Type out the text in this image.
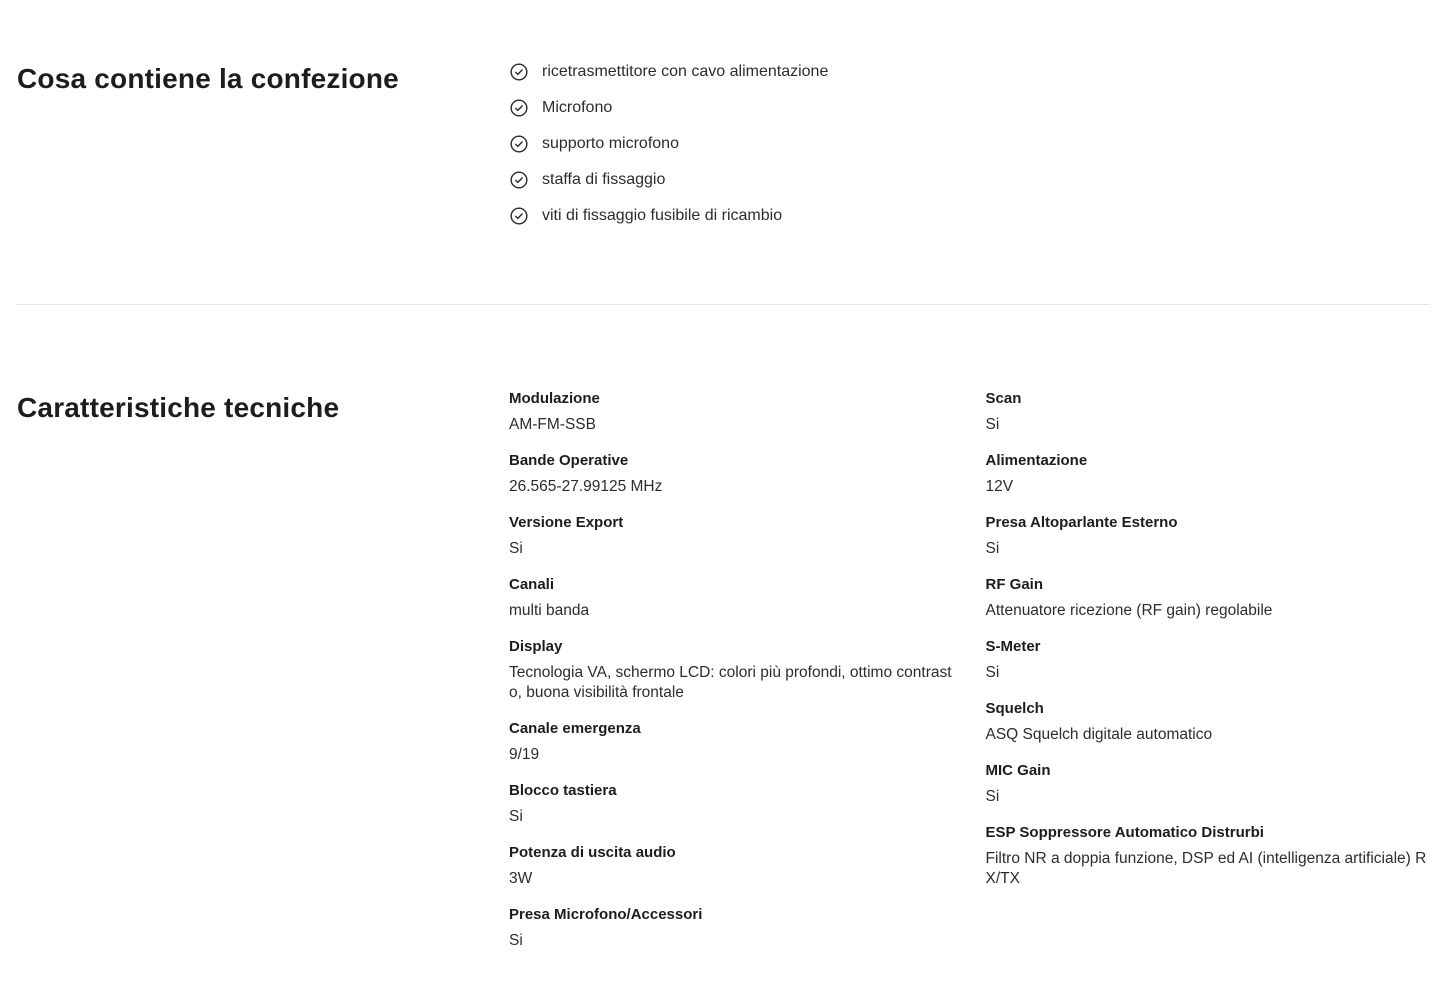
Cosa contiene la confezione	ricetrasmettitore con cavo alimentazione
Microfono
supporto microfono
staffa di fissaggio
viti di fissaggio fusibile di ricambio
Caratteristiche tecniche	Modulazione
AM-FM-SSB
Bande Operative
26.565-27.99125 MHz
Versione Export
Si
Canali
multi banda
Display
Tecnologia VA, schermo LCD: colori più profondi, ottimo contrasto, buona visibilità frontale
Canale emergenza
9/19
Blocco tastiera
Si
Potenza di uscita audio
3W
Presa Microfono/Accessori
Si
Scan
Si
Alimentazione
12V
Presa Altoparlante Esterno
Si
RF Gain
Attenuatore ricezione (RF gain) regolabile
S-Meter
Si
Squelch
ASQ Squelch digitale automatico
MIC Gain
Si
ESP Soppressore Automatico Distrurbi
Filtro NR a doppia funzione, DSP ed AI (intelligenza artificiale) RX/TX
